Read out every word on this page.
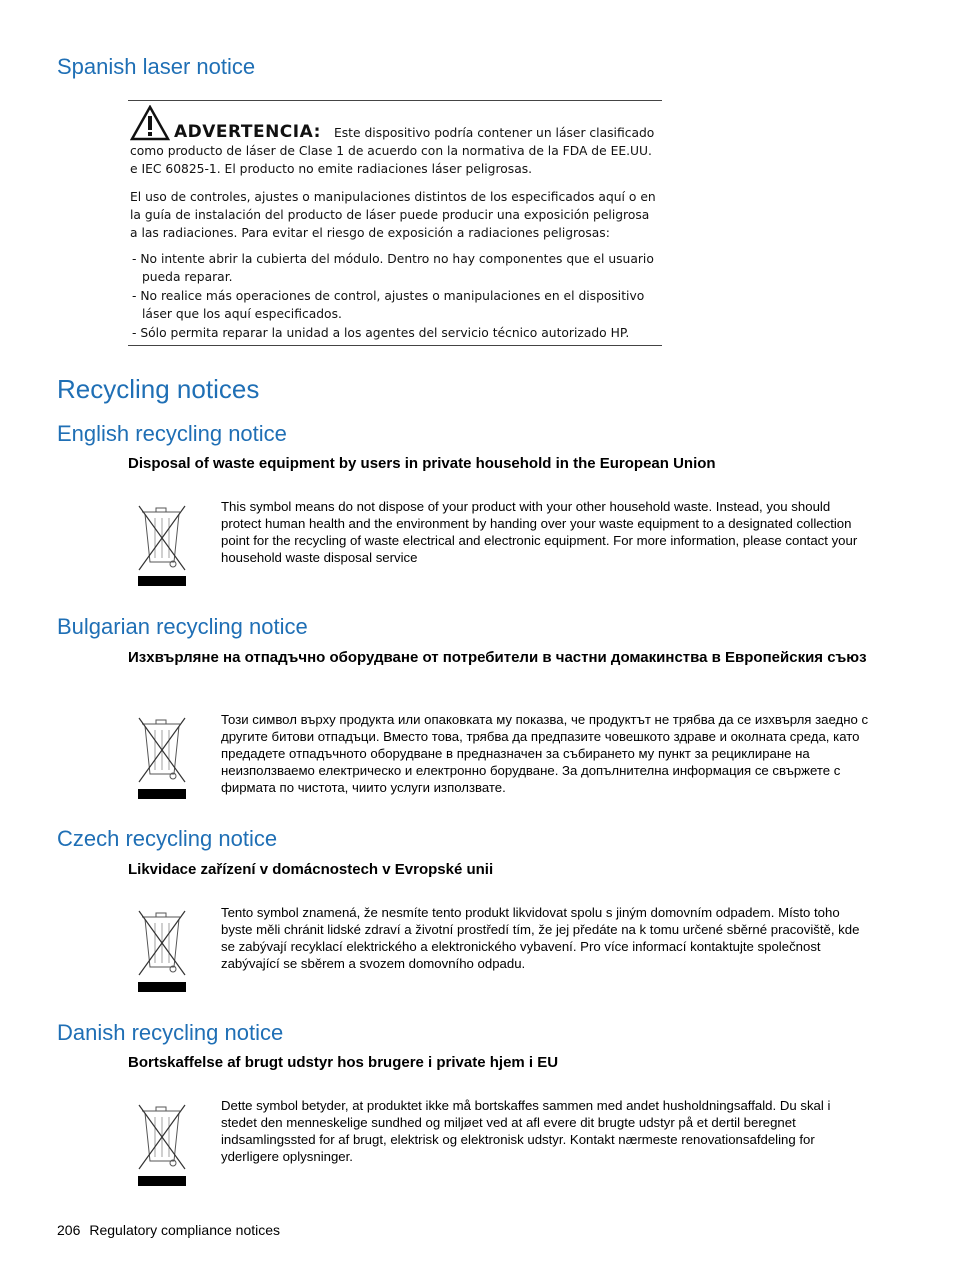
Spanish laser notice
ADVERTENCIA:	Este dispositivo podría contener un láser clasificado como producto de láser de Clase 1 de acuerdo con la normativa de la FDA de EE.UU. e IEC 60825-1. El producto no emite radiaciones láser peligrosas.

El uso de controles, ajustes o manipulaciones distintos de los especificados aquí o en la guía de instalación del producto de láser puede producir una exposición peligrosa a las radiaciones. Para evitar el riesgo de exposición a radiaciones peligrosas:

- No intente abrir la cubierta del módulo. Dentro no hay componentes que el usuario pueda reparar.
- No realice más operaciones de control, ajustes o manipulaciones en el dispositivo láser que los aquí especificados.
- Sólo permita reparar la unidad a los agentes del servicio técnico autorizado HP.
Recycling notices
English recycling notice

Disposal of waste equipment by users in private household in the European Union

This symbol means do not dispose of your product with your other household waste. Instead, you should protect human health and the environment by handing over your waste equipment to a designated collection point for the recycling of waste electrical and electronic equipment. For more information, please contact your household waste disposal service

Bulgarian recycling notice

Изхвърляне на отпадъчно оборудване от потребители в частни домакинства в Европейския съюз

Този символ върху продукта или опаковката му показва, че продуктът не трябва да се изхвърля заедно с другите битови отпадъци. Вместо това, трябва да предпазите човешкото здраве и околната среда, като предадете отпадъчното оборудване в предназначен за събирането му пункт за рециклиране на неизползваемо електрическо и електронно борудване. За допълнителна информация се свържете с фирмата по чистота, чиито услуги използвате.

Czech recycling notice

Likvidace zařízení v domácnostech v Evropské unii

Tento symbol znamená, že nesmíte tento produkt likvidovat spolu s jiným domovním odpadem. Místo toho byste měli chránit lidské zdraví a životní prostředí tím, že jej předáte na k tomu určené sběrné pracoviště, kde se zabývají recyklací elektrického a elektronického vybavení. Pro více informací kontaktujte společnost zabývající se sběrem a svozem domovního odpadu.

Danish recycling notice

Bortskaffelse af brugt udstyr hos brugere i private hjem i EU

Dette symbol betyder, at produktet ikke må bortskaffes sammen med andet husholdningsaffald. Du skal i stedet den menneskelige sundhed og miljøet ved at afl evere dit brugte udstyr på et dertil beregnet indsamlingssted for af brugt, elektrisk og elektronisk udstyr. Kontakt nærmeste renovationsafdeling for yderligere oplysninger.

206 Regulatory compliance notices
